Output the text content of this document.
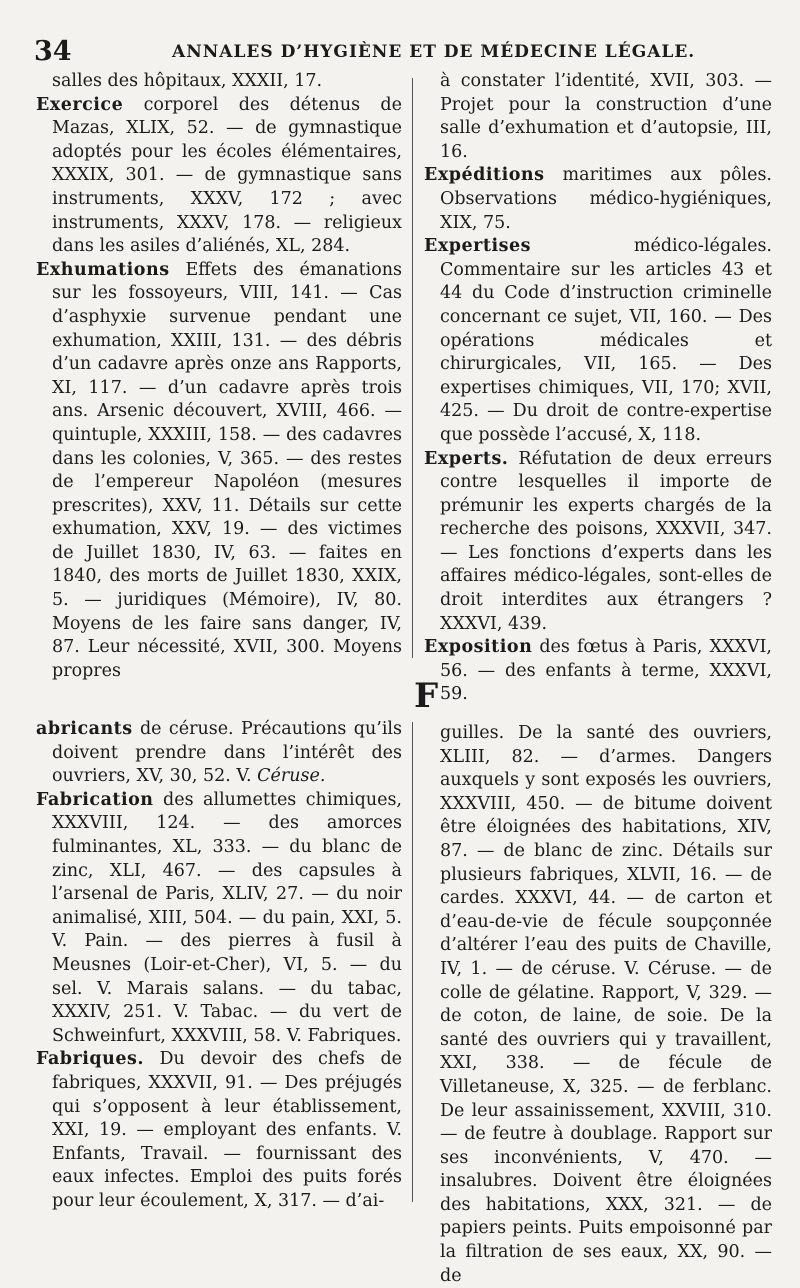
34	ANNALES D’HYGIÈNE ET DE MÉDECINE LÉGALE.

salles des hôpitaux, XXXII, 17.

Exercice corporel des détenus de Mazas, XLIX, 52. — de gymnastique adoptés pour les écoles élémentaires, XXXIX, 301. — de gymnastique sans instruments, XXXV, 172 ; avec instruments, XXXV, 178. — religieux dans les asiles d’aliénés, XL, 284.

Exhumations Effets des émanations sur les fossoyeurs, VIII, 141. — Cas d’asphyxie survenue pendant une exhumation, XXIII, 131. — des débris d’un cadavre après onze ans Rapports, XI, 117. — d’un cadavre après trois ans. Arsenic découvert, XVIII, 466. — quintuple, XXXIII, 158. — des cadavres dans les colonies, V, 365. — des restes de l’empereur Napoléon (mesures prescrites), XXV, 11. Détails sur cette exhumation, XXV, 19. — des victimes de Juillet 1830, IV, 63. — faites en 1840, des morts de Juillet 1830, XXIX, 5. — juridiques (Mémoire), IV, 80. Moyens de les faire sans danger, IV, 87. Leur nécessité, XVII, 300. Moyens propres

à constater l’identité, XVII, 303. — Projet pour la construction d’une salle d’exhumation et d’autopsie, III, 16.

Expéditions maritimes aux pôles. Observations médico-hygiéniques, XIX, 75.

Expertises médico-légales. Commentaire sur les articles 43 et 44 du Code d’instruction criminelle concernant ce sujet, VII, 160. — Des opérations médicales et chirurgicales, VII, 165. — Des expertises chimiques, VII, 170; XVII, 425. — Du droit de contre-expertise que possède l’accusé, X, 118.

Experts. Réfutation de deux erreurs contre lesquelles il importe de prémunir les experts chargés de la recherche des poisons, XXXVII, 347. — Les fonctions d’experts dans les affaires médico-légales, sont-elles de droit interdites aux étrangers ? XXXVI, 439.

Exposition des fœtus à Paris, XXXVI, 56. — des enfants à terme, XXXVI, 59.

F

abricants de céruse. Précautions qu’ils doivent prendre dans l’intérêt des ouvriers, XV, 30, 52. V. Céruse.

Fabrication des allumettes chimiques, XXXVIII, 124. — des amorces fulminantes, XL, 333. — du blanc de zinc, XLI, 467. — des capsules à l’arsenal de Paris, XLIV, 27. — du noir animalisé, XIII, 504. — du pain, XXI, 5. V. Pain. — des pierres à fusil à Meusnes (Loir-et-Cher), VI, 5. — du sel. V. Marais salans. — du tabac, XXXIV, 251. V. Tabac. — du vert de Schweinfurt, XXXVIII, 58. V. Fabriques.

Fabriques. Du devoir des chefs de fabriques, XXXVII, 91. — Des préjugés qui s’opposent à leur établissement, XXI, 19. — employant des enfants. V. Enfants, Travail. — fournissant des eaux infectes. Emploi des puits forés pour leur écoulement, X, 317. — d’ai-

guilles. De la santé des ouvriers, XLIII, 82. — d’armes. Dangers auxquels y sont exposés les ouvriers, XXXVIII, 450. — de bitume doivent être éloignées des habitations, XIV, 87. — de blanc de zinc. Détails sur plusieurs fabriques, XLVII, 16. — de cardes. XXXVI, 44. — de carton et d’eau-de-vie de fécule soupçonnée d’altérer l’eau des puits de Chaville, IV, 1. — de céruse. V. Céruse. — de colle de gélatine. Rapport, V, 329. — de coton, de laine, de soie. De la santé des ouvriers qui y travaillent, XXI, 338. — de fécule de Villetaneuse, X, 325. — de ferblanc. De leur assainissement, XXVIII, 310. — de feutre à doublage. Rapport sur ses inconvénients, V, 470. — insalubres. Doivent être éloignées des habitations, XXX, 321. — de papiers peints. Puits empoisonné par la filtration de ses eaux, XX, 90. — de
